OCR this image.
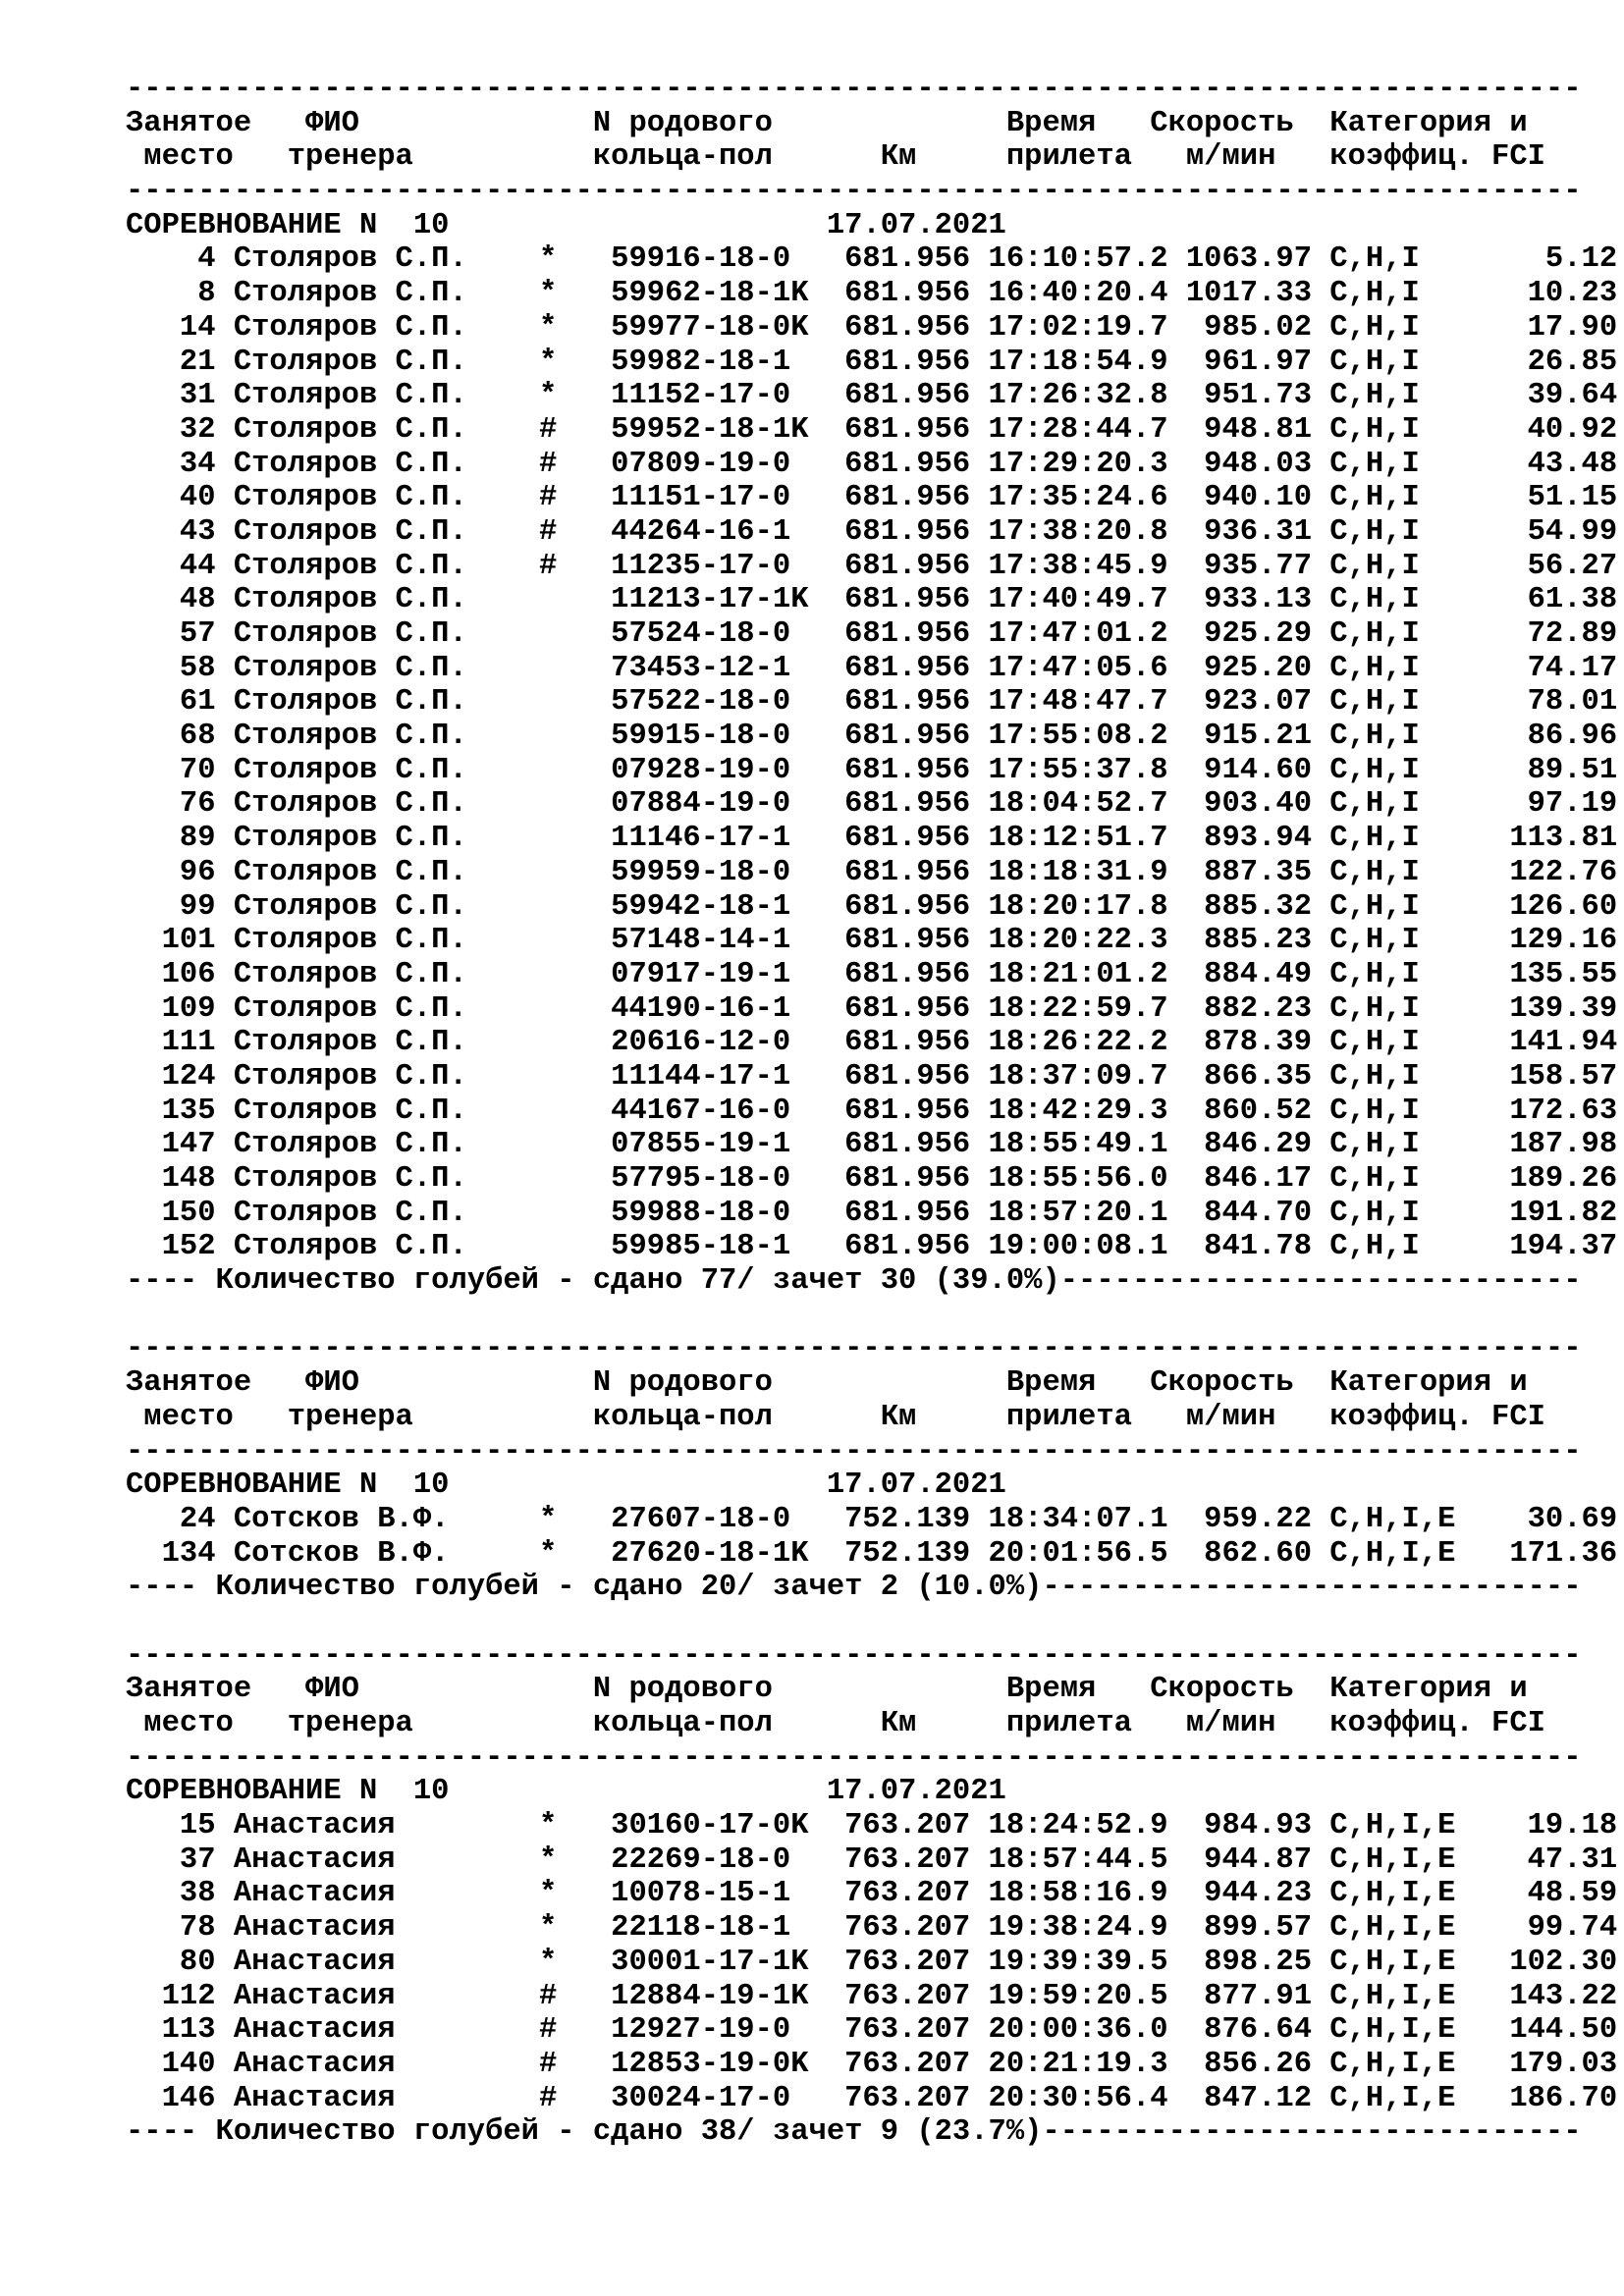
---------------------------------------------------------------------------------
Занятое   ФИО             N родового             Время   Скорость  Категория и
место   тренера          кольца-пол      Км     прилета   м/мин   коэффиц. FCI
---------------------------------------------------------------------------------
СОРЕВНОВАНИЕ N  10                     17.07.2021
4 Столяров С.П.    *   59916-18-0   681.956 16:10:57.2 1063.97 C,H,I       5.12
8 Столяров С.П.    *   59962-18-1K  681.956 16:40:20.4 1017.33 C,H,I      10.23
14 Столяров С.П.    *   59977-18-0K  681.956 17:02:19.7  985.02 C,H,I      17.90
21 Столяров С.П.    *   59982-18-1   681.956 17:18:54.9  961.97 C,H,I      26.85
31 Столяров С.П.    *   11152-17-0   681.956 17:26:32.8  951.73 C,H,I      39.64
32 Столяров С.П.    #   59952-18-1K  681.956 17:28:44.7  948.81 C,H,I      40.92
34 Столяров С.П.    #   07809-19-0   681.956 17:29:20.3  948.03 C,H,I      43.48
40 Столяров С.П.    #   11151-17-0   681.956 17:35:24.6  940.10 C,H,I      51.15
43 Столяров С.П.    #   44264-16-1   681.956 17:38:20.8  936.31 C,H,I      54.99
44 Столяров С.П.    #   11235-17-0   681.956 17:38:45.9  935.77 C,H,I      56.27
48 Столяров С.П.        11213-17-1K  681.956 17:40:49.7  933.13 C,H,I      61.38
57 Столяров С.П.        57524-18-0   681.956 17:47:01.2  925.29 C,H,I      72.89
58 Столяров С.П.        73453-12-1   681.956 17:47:05.6  925.20 C,H,I      74.17
61 Столяров С.П.        57522-18-0   681.956 17:48:47.7  923.07 C,H,I      78.01
68 Столяров С.П.        59915-18-0   681.956 17:55:08.2  915.21 C,H,I      86.96
70 Столяров С.П.        07928-19-0   681.956 17:55:37.8  914.60 C,H,I      89.51
76 Столяров С.П.        07884-19-0   681.956 18:04:52.7  903.40 C,H,I      97.19
89 Столяров С.П.        11146-17-1   681.956 18:12:51.7  893.94 C,H,I     113.81
96 Столяров С.П.        59959-18-0   681.956 18:18:31.9  887.35 C,H,I     122.76
99 Столяров С.П.        59942-18-1   681.956 18:20:17.8  885.32 C,H,I     126.60
101 Столяров С.П.        57148-14-1   681.956 18:20:22.3  885.23 C,H,I     129.16
106 Столяров С.П.        07917-19-1   681.956 18:21:01.2  884.49 C,H,I     135.55
109 Столяров С.П.        44190-16-1   681.956 18:22:59.7  882.23 C,H,I     139.39
111 Столяров С.П.        20616-12-0   681.956 18:26:22.2  878.39 C,H,I     141.94
124 Столяров С.П.        11144-17-1   681.956 18:37:09.7  866.35 C,H,I     158.57
135 Столяров С.П.        44167-16-0   681.956 18:42:29.3  860.52 C,H,I     172.63
147 Столяров С.П.        07855-19-1   681.956 18:55:49.1  846.29 C,H,I     187.98
148 Столяров С.П.        57795-18-0   681.956 18:55:56.0  846.17 C,H,I     189.26
150 Столяров С.П.        59988-18-0   681.956 18:57:20.1  844.70 C,H,I     191.82
152 Столяров С.П.        59985-18-1   681.956 19:00:08.1  841.78 C,H,I     194.37
---- Количество голубей - сдано 77/ зачет 30 (39.0%)-----------------------------
---------------------------------------------------------------------------------
Занятое   ФИО             N родового             Время   Скорость  Категория и
место   тренера          кольца-пол      Км     прилета   м/мин   коэффиц. FCI
---------------------------------------------------------------------------------
СОРЕВНОВАНИЕ N  10                     17.07.2021
24 Сотсков В.Ф.     *   27607-18-0   752.139 18:34:07.1  959.22 C,H,I,E    30.69
134 Сотсков В.Ф.     *   27620-18-1K  752.139 20:01:56.5  862.60 C,H,I,E   171.36
---- Количество голубей - сдано 20/ зачет 2 (10.0%)------------------------------
---------------------------------------------------------------------------------
Занятое   ФИО             N родового             Время   Скорость  Категория и
место   тренера          кольца-пол      Км     прилета   м/мин   коэффиц. FCI
---------------------------------------------------------------------------------
СОРЕВНОВАНИЕ N  10                     17.07.2021
15 Анастасия        *   30160-17-0K  763.207 18:24:52.9  984.93 C,H,I,E    19.18
37 Анастасия        *   22269-18-0   763.207 18:57:44.5  944.87 C,H,I,E    47.31
38 Анастасия        *   10078-15-1   763.207 18:58:16.9  944.23 C,H,I,E    48.59
78 Анастасия        *   22118-18-1   763.207 19:38:24.9  899.57 C,H,I,E    99.74
80 Анастасия        *   30001-17-1K  763.207 19:39:39.5  898.25 C,H,I,E   102.30
112 Анастасия        #   12884-19-1K  763.207 19:59:20.5  877.91 C,H,I,E   143.22
113 Анастасия        #   12927-19-0   763.207 20:00:36.0  876.64 C,H,I,E   144.50
140 Анастасия        #   12853-19-0K  763.207 20:21:19.3  856.26 C,H,I,E   179.03
146 Анастасия        #   30024-17-0   763.207 20:30:56.4  847.12 C,H,I,E   186.70
---- Количество голубей - сдано 38/ зачет 9 (23.7%)------------------------------
